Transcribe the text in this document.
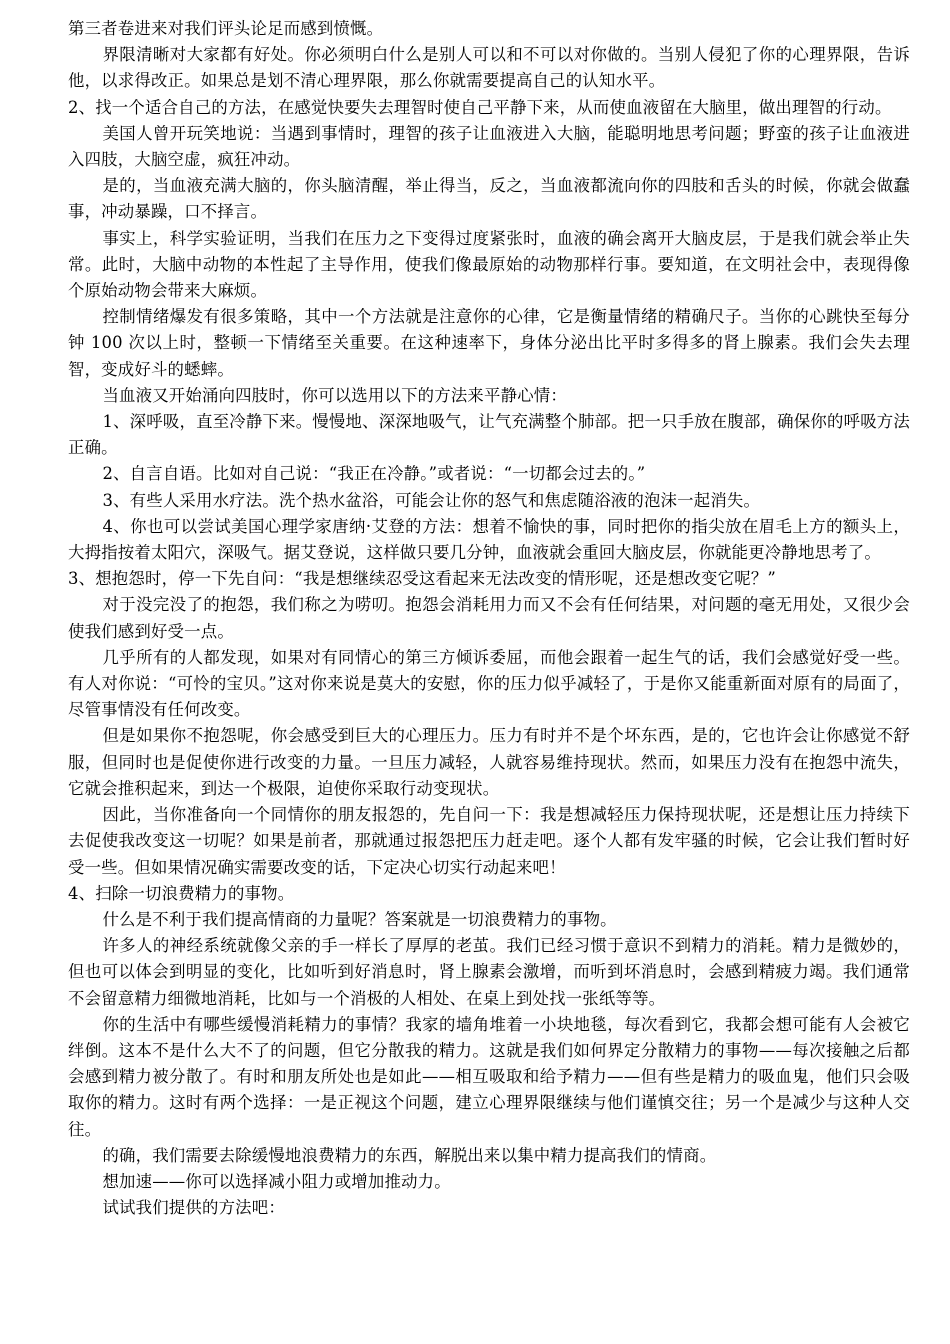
第三者卷进来对我们评头论足而感到愤慨。

界限清晰对大家都有好处。你必须明白什么是别人可以和不可以对你做的。当别人侵犯了你的心理界限，告诉他，以求得改正。如果总是划不清心理界限，那么你就需要提高自己的认知水平。

2、找一个适合自己的方法，在感觉快要失去理智时使自己平静下来，从而使血液留在大脑里，做出理智的行动。

美国人曾开玩笑地说：当遇到事情时，理智的孩子让血液进入大脑，能聪明地思考问题；野蛮的孩子让血液进入四肢，大脑空虚，疯狂冲动。

是的，当血液充满大脑的，你头脑清醒，举止得当，反之，当血液都流向你的四肢和舌头的时候，你就会做蠢事，冲动暴躁，口不择言。

事实上，科学实验证明，当我们在压力之下变得过度紧张时，血液的确会离开大脑皮层，于是我们就会举止失常。此时，大脑中动物的本性起了主导作用，使我们像最原始的动物那样行事。要知道，在文明社会中，表现得像个原始动物会带来大麻烦。

控制情绪爆发有很多策略，其中一个方法就是注意你的心律，它是衡量情绪的精确尺子。当你的心跳快至每分钟 100 次以上时，整顿一下情绪至关重要。在这种速率下，身体分泌出比平时多得多的肾上腺素。我们会失去理智，变成好斗的蟋蟀。

当血液又开始涌向四肢时，你可以选用以下的方法来平静心情：

1、深呼吸，直至冷静下来。慢慢地、深深地吸气，让气充满整个肺部。把一只手放在腹部，确保你的呼吸方法正确。

2、自言自语。比如对自己说：“我正在冷静。”或者说：“一切都会过去的。”

3、有些人采用水疗法。洗个热水盆浴，可能会让你的怒气和焦虑随浴液的泡沫一起消失。

4、你也可以尝试美国心理学家唐纳·艾登的方法：想着不愉快的事，同时把你的指尖放在眉毛上方的额头上，大拇指按着太阳穴，深吸气。据艾登说，这样做只要几分钟，血液就会重回大脑皮层，你就能更冷静地思考了。

3、想抱怨时，停一下先自问：“我是想继续忍受这看起来无法改变的情形呢，还是想改变它呢？”

对于没完没了的抱怨，我们称之为唠叨。抱怨会消耗用力而又不会有任何结果，对问题的毫无用处，又很少会使我们感到好受一点。

几乎所有的人都发现，如果对有同情心的第三方倾诉委屈，而他会跟着一起生气的话，我们会感觉好受一些。有人对你说：“可怜的宝贝。”这对你来说是莫大的安慰，你的压力似乎减轻了，于是你又能重新面对原有的局面了，尽管事情没有任何改变。

但是如果你不抱怨呢，你会感受到巨大的心理压力。压力有时并不是个坏东西，是的，它也许会让你感觉不舒服，但同时也是促使你进行改变的力量。一旦压力减轻，人就容易维持现状。然而，如果压力没有在抱怨中流失，它就会推积起来，到达一个极限，迫使你采取行动变现状。

因此，当你准备向一个同情你的朋友报怨的，先自问一下：我是想减轻压力保持现状呢，还是想让压力持续下去促使我改变这一切呢？如果是前者，那就通过报怨把压力赶走吧。逐个人都有发牢骚的时候，它会让我们暂时好受一些。但如果情况确实需要改变的话，下定决心切实行动起来吧！

4、扫除一切浪费精力的事物。

什么是不利于我们提高情商的力量呢？答案就是一切浪费精力的事物。

许多人的神经系统就像父亲的手一样长了厚厚的老茧。我们已经习惯于意识不到精力的消耗。精力是微妙的，但也可以体会到明显的变化，比如听到好消息时，肾上腺素会激增，而听到坏消息时，会感到精疲力竭。我们通常不会留意精力细微地消耗，比如与一个消极的人相处、在桌上到处找一张纸等等。

你的生活中有哪些缓慢消耗精力的事情？我家的墙角堆着一小块地毯，每次看到它，我都会想可能有人会被它绊倒。这本不是什么大不了的问题，但它分散我的精力。这就是我们如何界定分散精力的事物——每次接触之后都会感到精力被分散了。有时和朋友所处也是如此——相互吸取和给予精力——但有些是精力的吸血鬼，他们只会吸取你的精力。这时有两个选择：一是正视这个问题，建立心理界限继续与他们谨慎交往；另一个是减少与这种人交往。

的确，我们需要去除缓慢地浪费精力的东西，解脱出来以集中精力提高我们的情商。

想加速——你可以选择减小阻力或增加推动力。

试试我们提供的方法吧：
